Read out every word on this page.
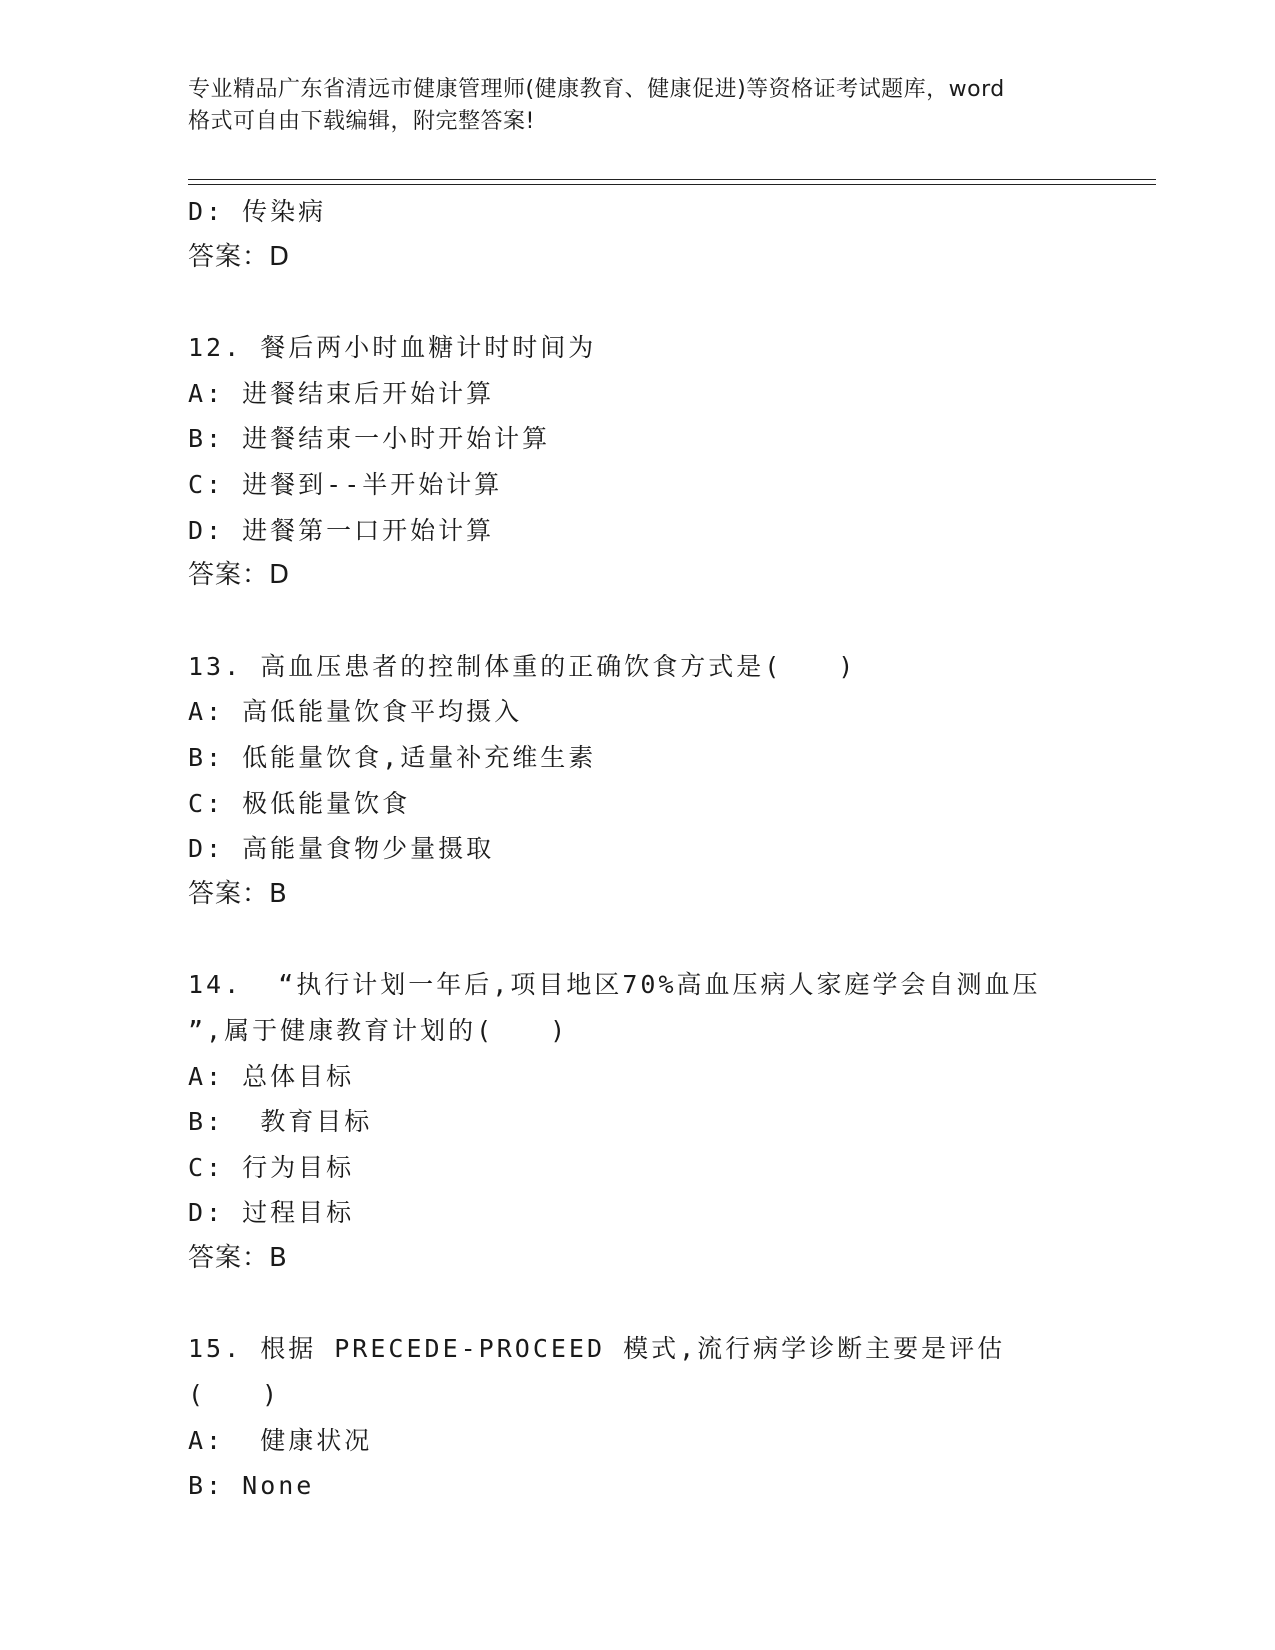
专业精品广东省清远市健康管理师(健康教育、健康促进)等资格证考试题库，word
格式可自由下载编辑，附完整答案!

D: 传染病

答案：D

12. 餐后两小时血糖计时时间为

A: 进餐结束后开始计算

B: 进餐结束一小时开始计算

C: 进餐到--半开始计算

D: 进餐第一口开始计算

答案：D

13. 高血压患者的控制体重的正确饮食方式是(　　)

A: 高低能量饮食平均摄入

B: 低能量饮食,适量补充维生素

C: 极低能量饮食

D: 高能量食物少量摄取

答案：B

14.  “执行计划一年后,项目地区70%高血压病人家庭学会自测血压

”,属于健康教育计划的(　　)

A: 总体目标

B:  教育目标

C: 行为目标

D: 过程目标

答案：B

15. 根据 PRECEDE-PROCEED 模式,流行病学诊断主要是评估(　　)

A:  健康状况

B: None
